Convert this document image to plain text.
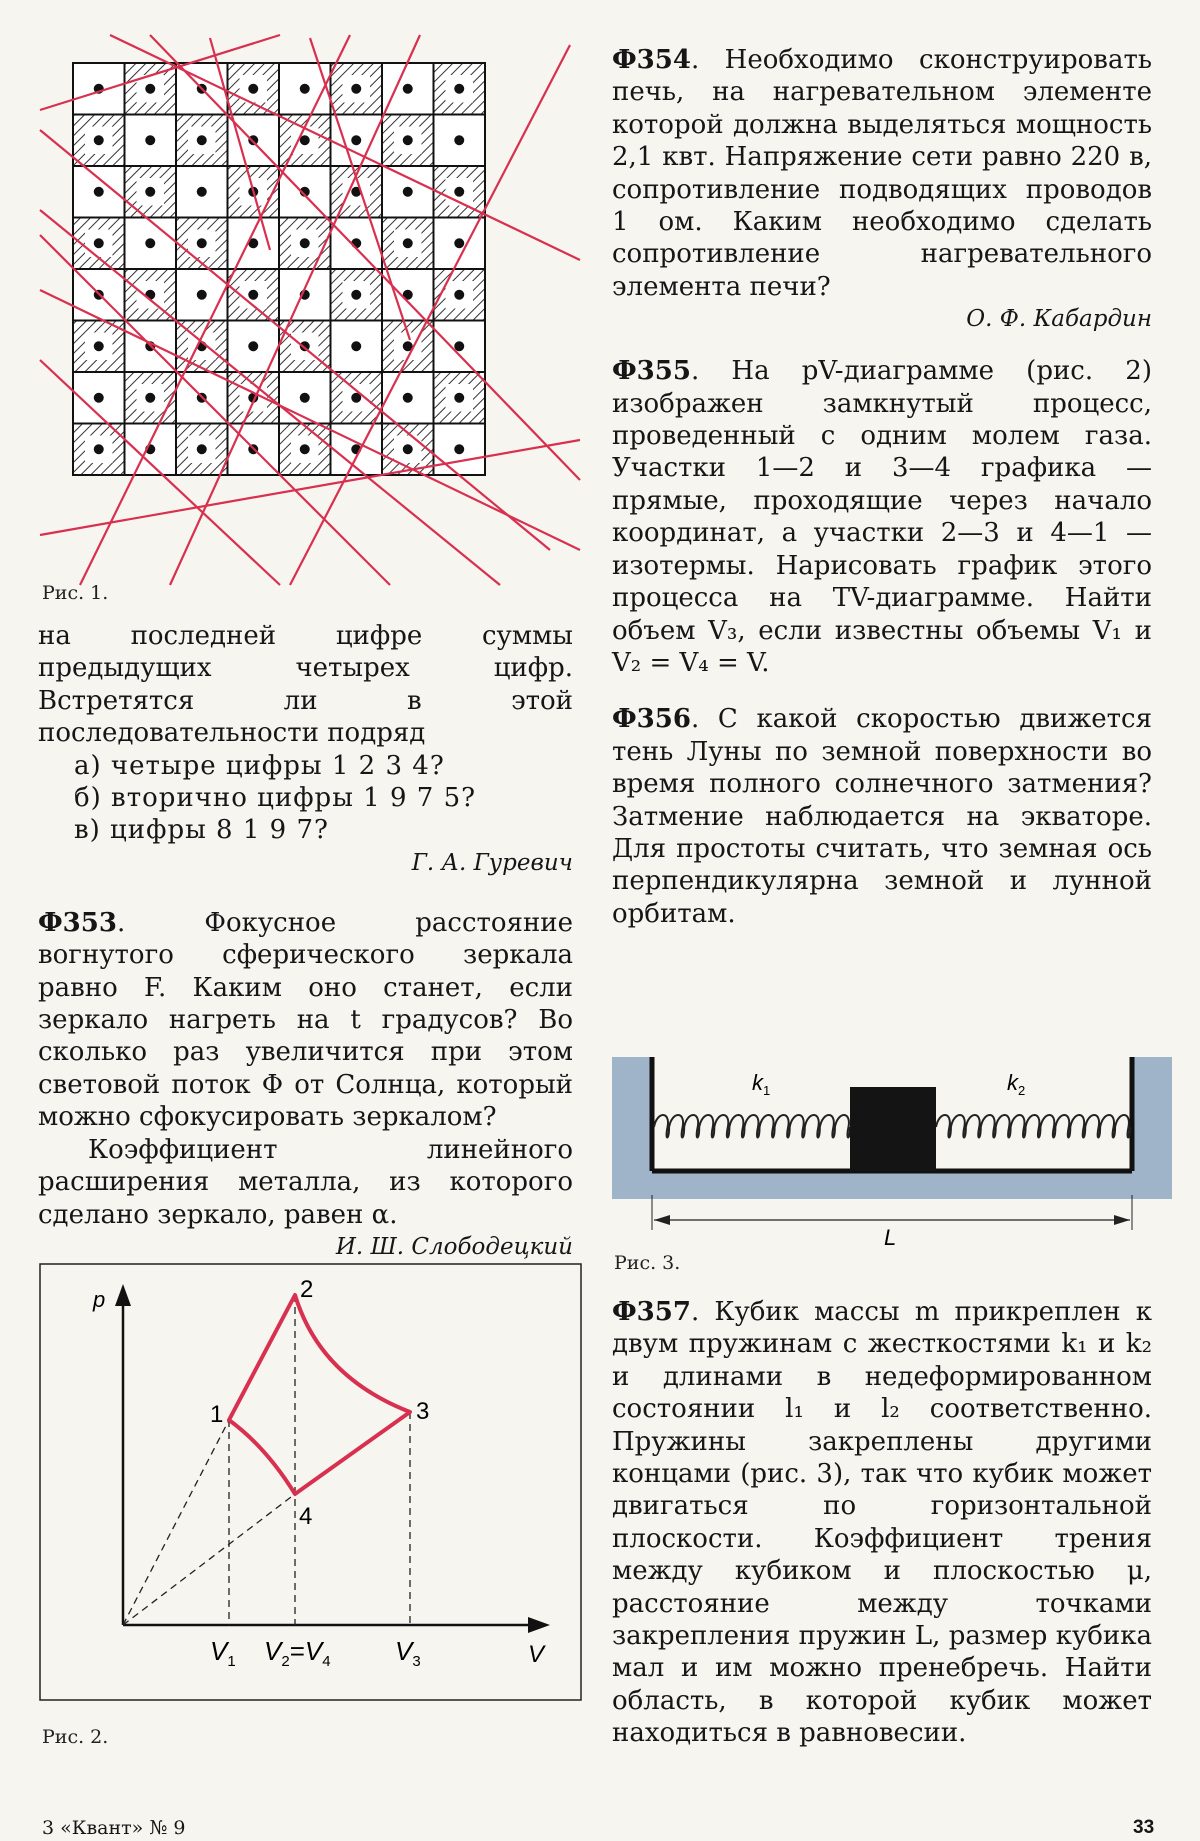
Рис. 1.

на последней цифре суммы предыдущих четырех цифр. Встретятся ли в этой последовательности подряд

а) четыре цифры 1 2 3 4?

б) вторично цифры 1 9 7 5?

в) цифры 8 1 9 7?

Г. А. Гуревич

Ф353. Фокусное расстояние вогнутого сферического зеркала равно F. Каким оно станет, если зеркало нагреть на t градусов? Во сколько раз увеличится при этом световой поток Φ от Солнца, который можно сфокусировать зеркалом?

Коэффициент линейного расширения металла, из которого сделано зеркало, равен α.

И. Ш. Слободецкий

p
V
1
2
3
4
$V_1$ $V_2=V_4$ $V_3$
Рис. 2.

Ф354. Необходимо сконструировать печь, на нагревательном элементе которой должна выделяться мощность 2,1 квт. Напряжение сети равно 220 в, сопротивление подводящих проводов 1 ом. Каким необходимо сделать сопротивление нагревательного элемента печи?

О. Ф. Кабардин

Ф355. На pV-диаграмме (рис. 2) изображен замкнутый процесс, проведенный с одним молем газа. Участки 1—2 и 3—4 графика — прямые, проходящие через начало координат, а участки 2—3 и 4—1 — изотермы. Нарисовать график этого процесса на TV-диаграмме. Найти объем V₃, если известны объемы V₁ и V₂ = V₄ = V.

Ф356. С какой скоростью движется тень Луны по земной поверхности во время полного солнечного затмения? Затмение наблюдается на экваторе. Для простоты считать, что земная ось перпендикулярна земной и лунной орбитам.

$k_1$	$k_2$
L
Рис. 3.

Ф357. Кубик массы m прикреплен к двум пружинам с жесткостями k₁ и k₂ и длинами в недеформированном состоянии l₁ и l₂ соответственно. Пружины закреплены другими концами (рис. 3), так что кубик может двигаться по горизонтальной плоскости. Коэффициент трения между кубиком и плоскостью μ, расстояние между точками закрепления пружин L, размер кубика мал и им можно пренебречь. Найти область, в которой кубик может находиться в равновесии.

3 «Квант» № 9	33
